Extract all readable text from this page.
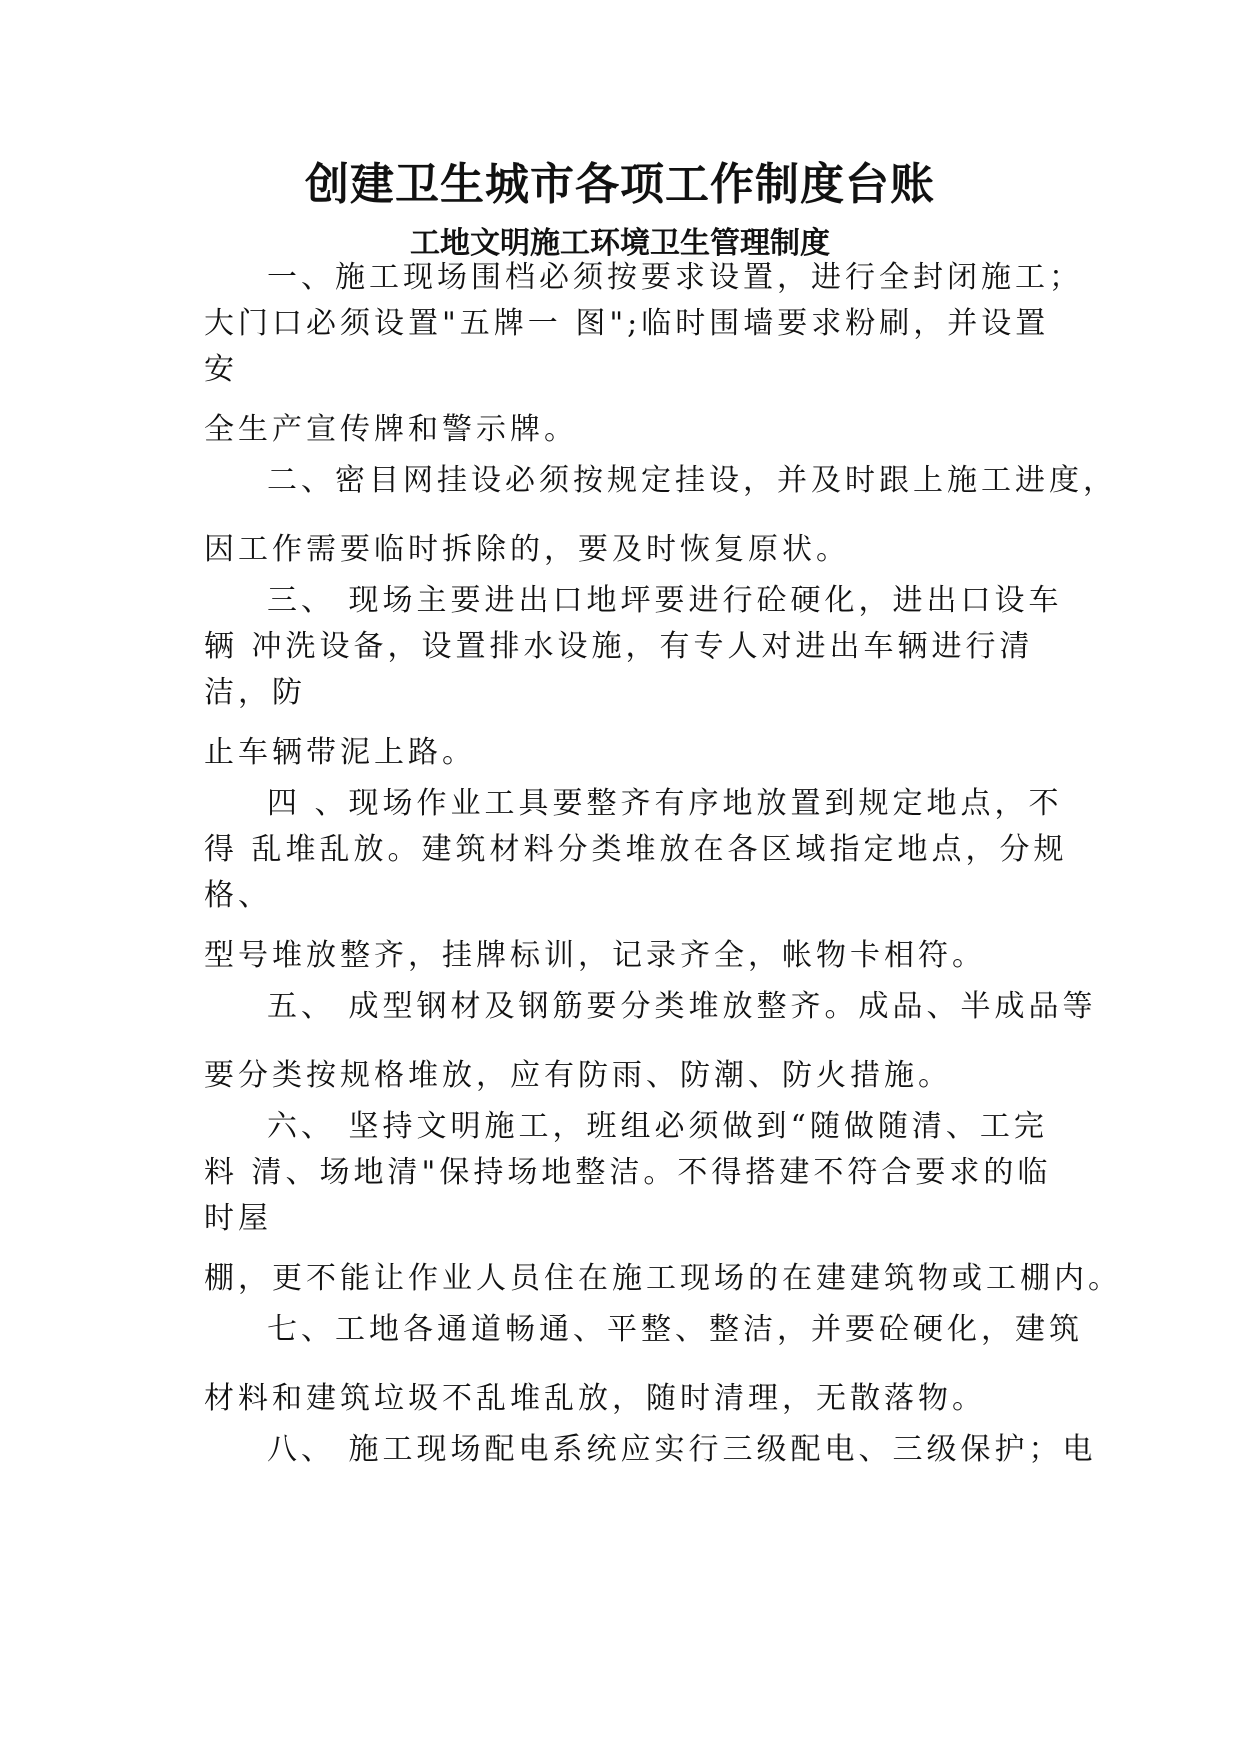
创建卫生城市各项工作制度台账
工地文明施工环境卫生管理制度
一、施工现场围档必须按要求设置，进行全封闭施工；
大门口必须设置"五牌一 图";临时围墙要求粉刷，并设置
安
全生产宣传牌和警示牌。
二、密目网挂设必须按规定挂设，并及时跟上施工进度，
因工作需要临时拆除的，要及时恢复原状。
三、 现场主要进出口地坪要进行砼硬化，进出口设车
辆 冲洗设备，设置排水设施，有专人对进出车辆进行清
洁，防
止车辆带泥上路。
四 、现场作业工具要整齐有序地放置到规定地点，不
得 乱堆乱放。建筑材料分类堆放在各区域指定地点，分规
格、
型号堆放整齐，挂牌标训，记录齐全，帐物卡相符。
五、 成型钢材及钢筋要分类堆放整齐。成品、半成品等
要分类按规格堆放，应有防雨、防潮、防火措施。
六、 坚持文明施工，班组必须做到“随做随清、工完
料 清、场地清"保持场地整洁。不得搭建不符合要求的临
时屋
棚，更不能让作业人员住在施工现场的在建建筑物或工棚内。
七、工地各通道畅通、平整、整洁，并要砼硬化，建筑
材料和建筑垃圾不乱堆乱放，随时清理，无散落物。
八、 施工现场配电系统应实行三级配电、三级保护；电
